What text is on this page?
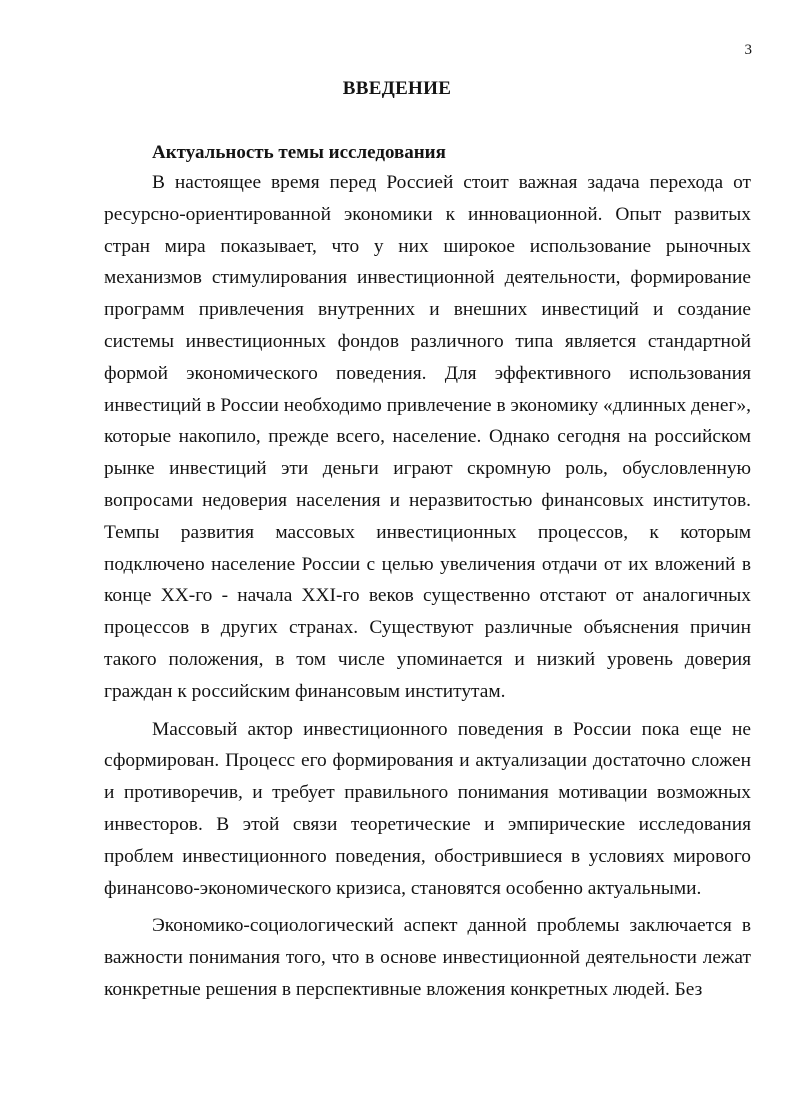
3
ВВЕДЕНИЕ
Актуальность темы исследования

В настоящее время перед Россией стоит важная задача перехода от ресурсно-ориентированной экономики к инновационной. Опыт развитых стран мира показывает, что у них широкое использование рыночных механизмов стимулирования инвестиционной деятельности, формирование программ привлечения внутренних и внешних инвестиций и создание системы инвестиционных фондов различного типа является стандартной формой экономического поведения. Для эффективного использования инвестиций в России необходимо привлечение в экономику «длинных денег», которые накопило, прежде всего, население. Однако сегодня на российском рынке инвестиций эти деньги играют скромную роль, обусловленную вопросами недоверия населения и неразвитостью финансовых институтов. Темпы развития массовых инвестиционных процессов, к которым подключено население России с целью увеличения отдачи от их вложений в конце XX-го - начала XXI-го веков существенно отстают от аналогичных процессов в других странах. Существуют различные объяснения причин такого положения, в том числе упоминается и низкий уровень доверия граждан к российским финансовым институтам.

Массовый актор инвестиционного поведения в России пока еще не сформирован. Процесс его формирования и актуализации достаточно сложен и противоречив, и требует правильного понимания мотивации возможных инвесторов. В этой связи теоретические и эмпирические исследования проблем инвестиционного поведения, обострившиеся в условиях мирового финансово-экономического кризиса, становятся особенно актуальными.

Экономико-социологический аспект данной проблемы заключается в важности понимания того, что в основе инвестиционной деятельности лежат конкретные решения в перспективные вложения конкретных людей. Без
